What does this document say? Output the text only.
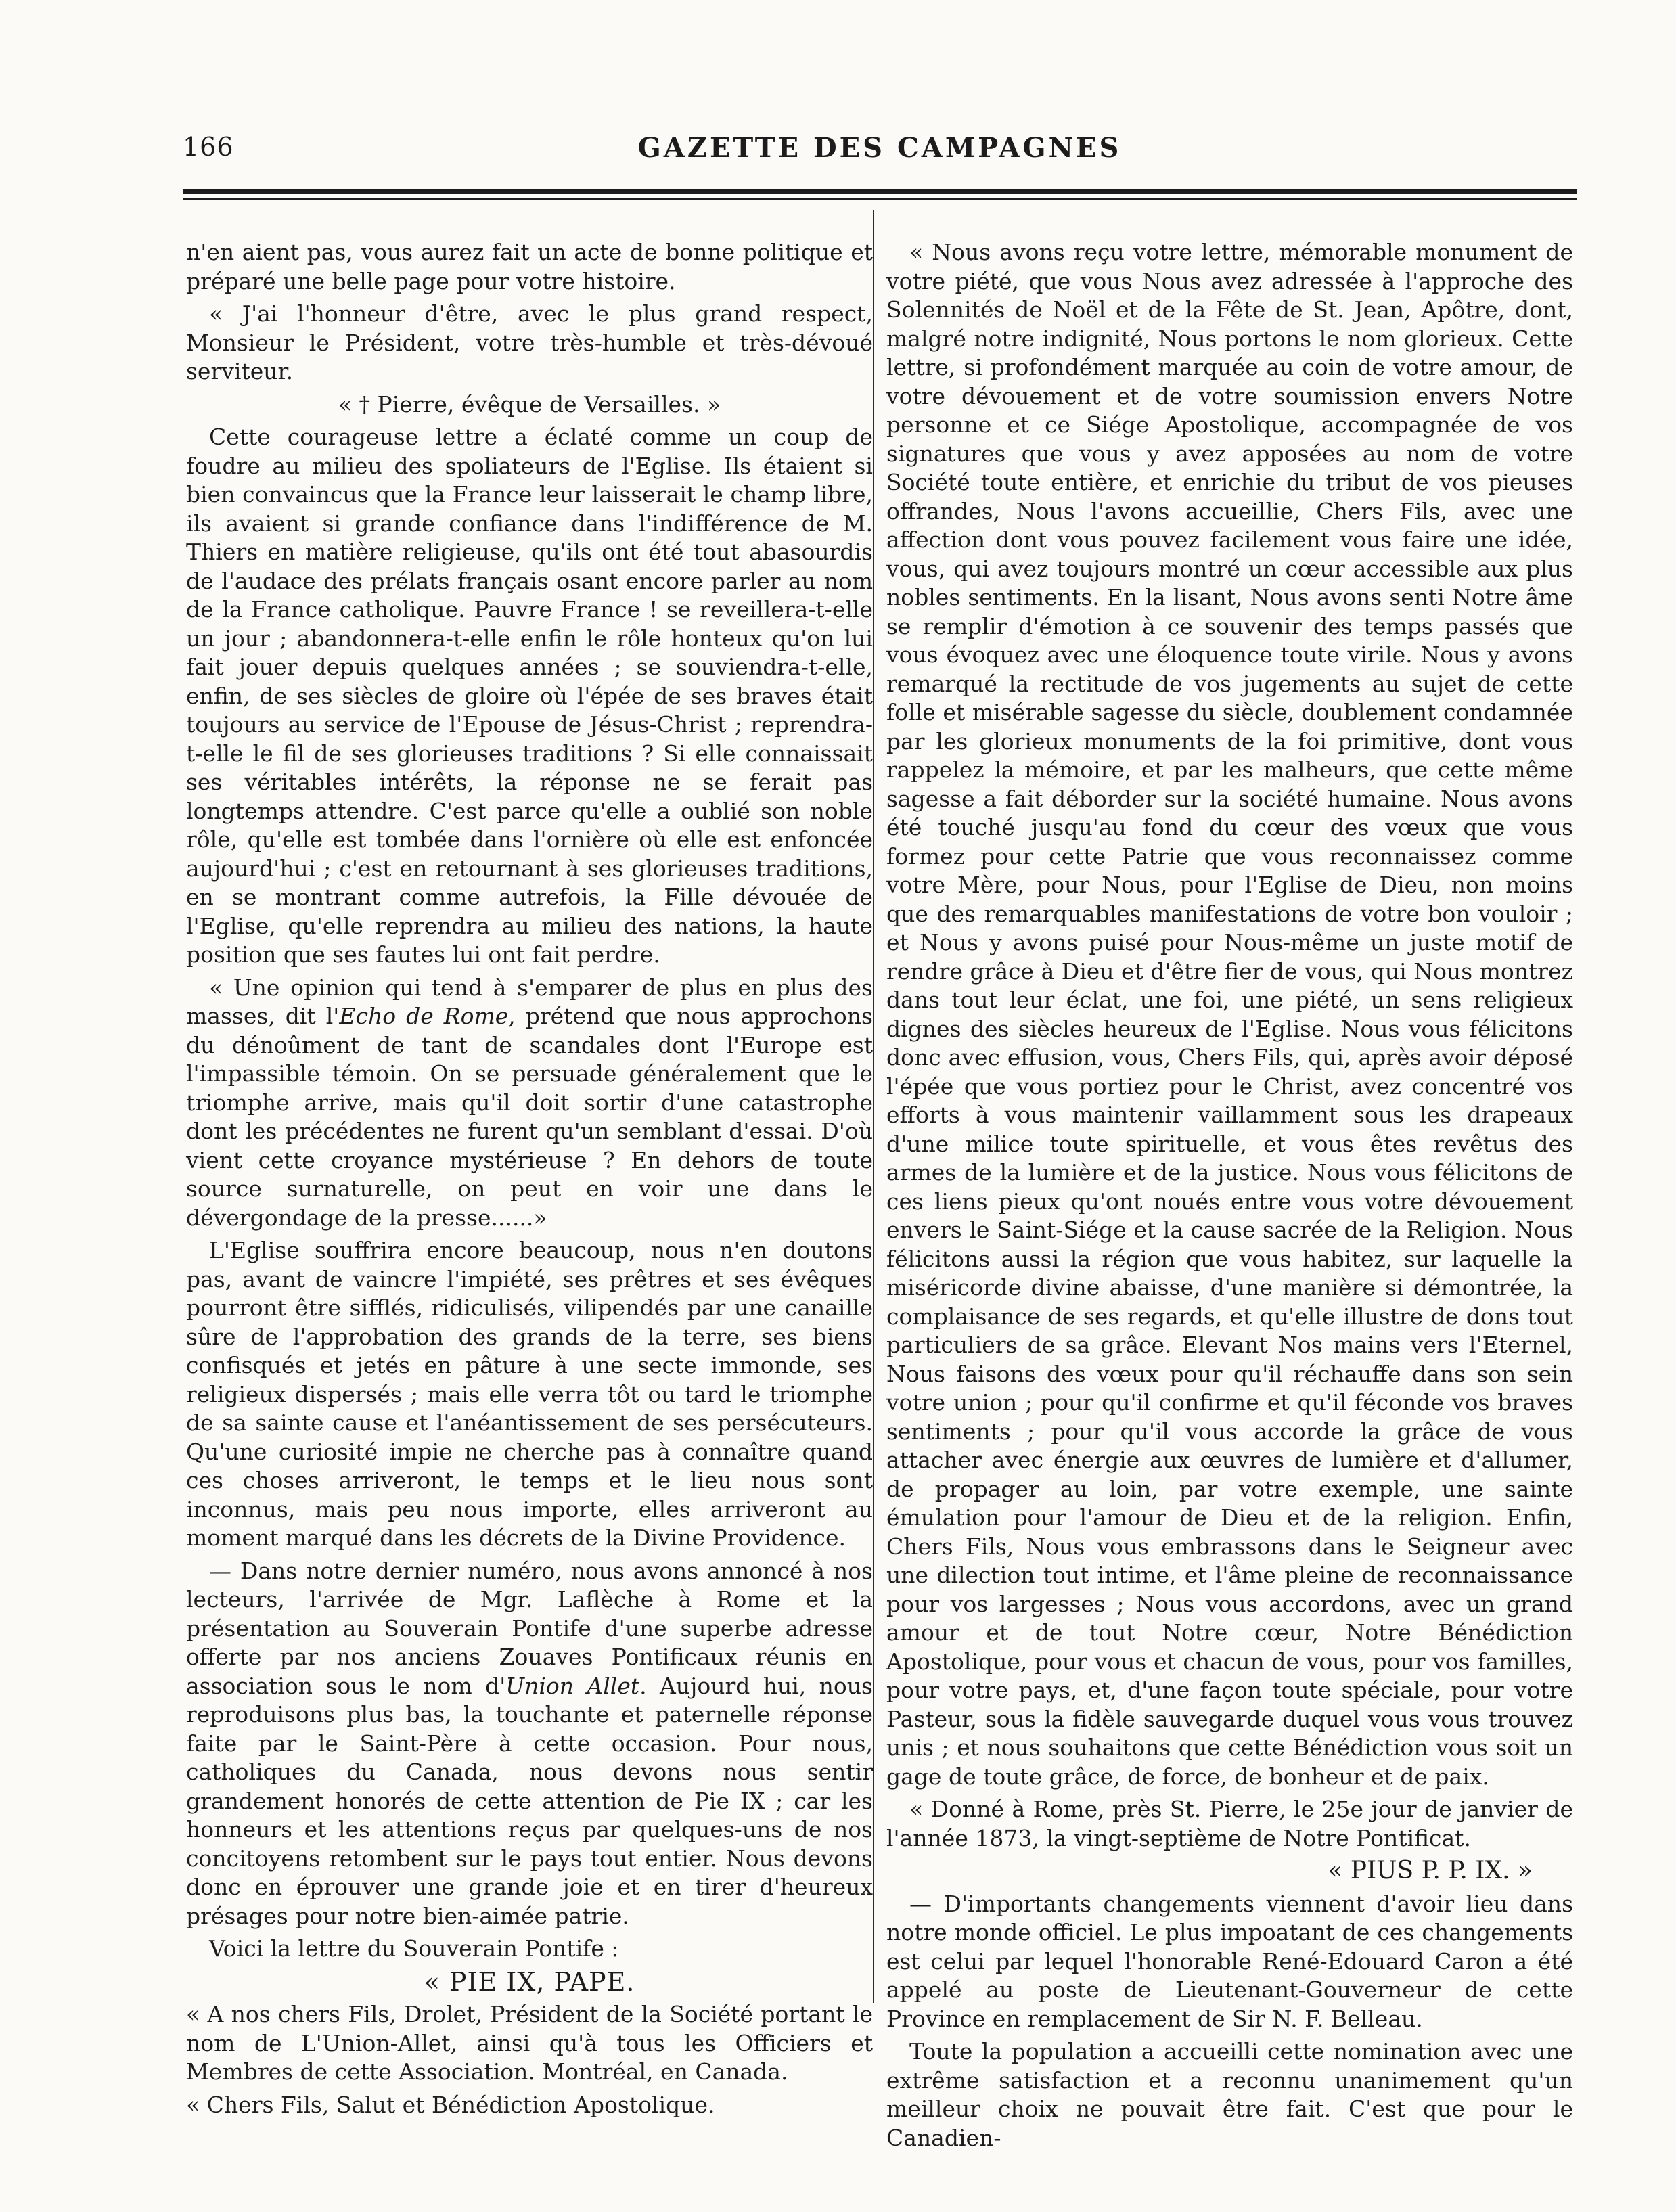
166	GAZETTE DES CAMPAGNES

n'en aient pas, vous aurez fait un acte de bonne politique et préparé une belle page pour votre histoire.

« J'ai l'honneur d'être, avec le plus grand respect, Monsieur le Président, votre très-humble et très-dévoué serviteur.

« † Pierre, évêque de Versailles. »

Cette courageuse lettre a éclaté comme un coup de foudre au milieu des spoliateurs de l'Eglise. Ils étaient si bien convaincus que la France leur laisserait le champ libre, ils avaient si grande confiance dans l'indifférence de M. Thiers en matière religieuse, qu'ils ont été tout abasourdis de l'audace des prélats français osant encore parler au nom de la France catholique. Pauvre France ! se reveillera-t-elle un jour ; abandonnera-t-elle enfin le rôle honteux qu'on lui fait jouer depuis quelques années ; se souviendra-t-elle, enfin, de ses siècles de gloire où l'épée de ses braves était toujours au service de l'Epouse de Jésus-Christ ; reprendra-t-elle le fil de ses glorieuses traditions ? Si elle connaissait ses véritables intérêts, la réponse ne se ferait pas longtemps attendre. C'est parce qu'elle a oublié son noble rôle, qu'elle est tombée dans l'ornière où elle est enfoncée aujourd'hui ; c'est en retournant à ses glorieuses traditions, en se montrant comme autrefois, la Fille dévouée de l'Eglise, qu'elle reprendra au milieu des nations, la haute position que ses fautes lui ont fait perdre.

« Une opinion qui tend à s'emparer de plus en plus des masses, dit l'Echo de Rome, prétend que nous approchons du dénoûment de tant de scandales dont l'Europe est l'impassible témoin. On se persuade généralement que le triomphe arrive, mais qu'il doit sortir d'une catastrophe dont les précédentes ne furent qu'un semblant d'essai. D'où vient cette croyance mystérieuse ? En dehors de toute source surnaturelle, on peut en voir une dans le dévergondage de la presse......»

L'Eglise souffrira encore beaucoup, nous n'en doutons pas, avant de vaincre l'impiété, ses prêtres et ses évêques pourront être sifflés, ridiculisés, vilipendés par une canaille sûre de l'approbation des grands de la terre, ses biens confisqués et jetés en pâture à une secte immonde, ses religieux dispersés ; mais elle verra tôt ou tard le triomphe de sa sainte cause et l'anéantissement de ses persécuteurs. Qu'une curiosité impie ne cherche pas à connaître quand ces choses arriveront, le temps et le lieu nous sont inconnus, mais peu nous importe, elles arriveront au moment marqué dans les décrets de la Divine Providence.

— Dans notre dernier numéro, nous avons annoncé à nos lecteurs, l'arrivée de Mgr. Laflèche à Rome et la présentation au Souverain Pontife d'une superbe adresse offerte par nos anciens Zouaves Pontificaux réunis en association sous le nom d'Union Allet. Aujourd hui, nous reproduisons plus bas, la touchante et paternelle réponse faite par le Saint-Père à cette occasion. Pour nous, catholiques du Canada, nous devons nous sentir grandement honorés de cette attention de Pie IX ; car les honneurs et les attentions reçus par quelques-uns de nos concitoyens retombent sur le pays tout entier. Nous devons donc en éprouver une grande joie et en tirer d'heureux présages pour notre bien-aimée patrie.

Voici la lettre du Souverain Pontife :

« PIE IX, PAPE.

« A nos chers Fils, Drolet, Président de la Société portant le nom de L'Union-Allet, ainsi qu'à tous les Officiers et Membres de cette Association. Montréal, en Canada.

« Chers Fils, Salut et Bénédiction Apostolique.

« Nous avons reçu votre lettre, mémorable monument de votre piété, que vous Nous avez adressée à l'approche des Solennités de Noël et de la Fête de St. Jean, Apôtre, dont, malgré notre indignité, Nous portons le nom glorieux. Cette lettre, si profondément marquée au coin de votre amour, de votre dévouement et de votre soumission envers Notre personne et ce Siége Apostolique, accompagnée de vos signatures que vous y avez apposées au nom de votre Société toute entière, et enrichie du tribut de vos pieuses offrandes, Nous l'avons accueillie, Chers Fils, avec une affection dont vous pouvez facilement vous faire une idée, vous, qui avez toujours montré un cœur accessible aux plus nobles sentiments. En la lisant, Nous avons senti Notre âme se remplir d'émotion à ce souvenir des temps passés que vous évoquez avec une éloquence toute virile. Nous y avons remarqué la rectitude de vos jugements au sujet de cette folle et misérable sagesse du siècle, doublement condamnée par les glorieux monuments de la foi primitive, dont vous rappelez la mémoire, et par les malheurs, que cette même sagesse a fait déborder sur la société humaine. Nous avons été touché jusqu'au fond du cœur des vœux que vous formez pour cette Patrie que vous reconnaissez comme votre Mère, pour Nous, pour l'Eglise de Dieu, non moins que des remarquables manifestations de votre bon vouloir ; et Nous y avons puisé pour Nous-même un juste motif de rendre grâce à Dieu et d'être fier de vous, qui Nous montrez dans tout leur éclat, une foi, une piété, un sens religieux dignes des siècles heureux de l'Eglise. Nous vous félicitons donc avec effusion, vous, Chers Fils, qui, après avoir déposé l'épée que vous portiez pour le Christ, avez concentré vos efforts à vous maintenir vaillamment sous les drapeaux d'une milice toute spirituelle, et vous êtes revêtus des armes de la lumière et de la justice. Nous vous félicitons de ces liens pieux qu'ont noués entre vous votre dévouement envers le Saint-Siége et la cause sacrée de la Religion. Nous félicitons aussi la région que vous habitez, sur laquelle la miséricorde divine abaisse, d'une manière si démontrée, la complaisance de ses regards, et qu'elle illustre de dons tout particuliers de sa grâce. Elevant Nos mains vers l'Eternel, Nous faisons des vœux pour qu'il réchauffe dans son sein votre union ; pour qu'il confirme et qu'il féconde vos braves sentiments ; pour qu'il vous accorde la grâce de vous attacher avec énergie aux œuvres de lumière et d'allumer, de propager au loin, par votre exemple, une sainte émulation pour l'amour de Dieu et de la religion. Enfin, Chers Fils, Nous vous embrassons dans le Seigneur avec une dilection tout intime, et l'âme pleine de reconnaissance pour vos largesses ; Nous vous accordons, avec un grand amour et de tout Notre cœur, Notre Bénédiction Apostolique, pour vous et chacun de vous, pour vos familles, pour votre pays, et, d'une façon toute spéciale, pour votre Pasteur, sous la fidèle sauvegarde duquel vous vous trouvez unis ; et nous souhaitons que cette Bénédiction vous soit un gage de toute grâce, de force, de bonheur et de paix.

« Donné à Rome, près St. Pierre, le 25e jour de janvier de l'année 1873, la vingt-septième de Notre Pontificat.

« PIUS P. P. IX. »

— D'importants changements viennent d'avoir lieu dans notre monde officiel. Le plus impoatant de ces changements est celui par lequel l'honorable René-Edouard Caron a été appelé au poste de Lieutenant-Gouverneur de cette Province en remplacement de Sir N. F. Belleau.

Toute la population a accueilli cette nomination avec une extrême satisfaction et a reconnu unanimement qu'un meilleur choix ne pouvait être fait. C'est que pour le Canadien-
